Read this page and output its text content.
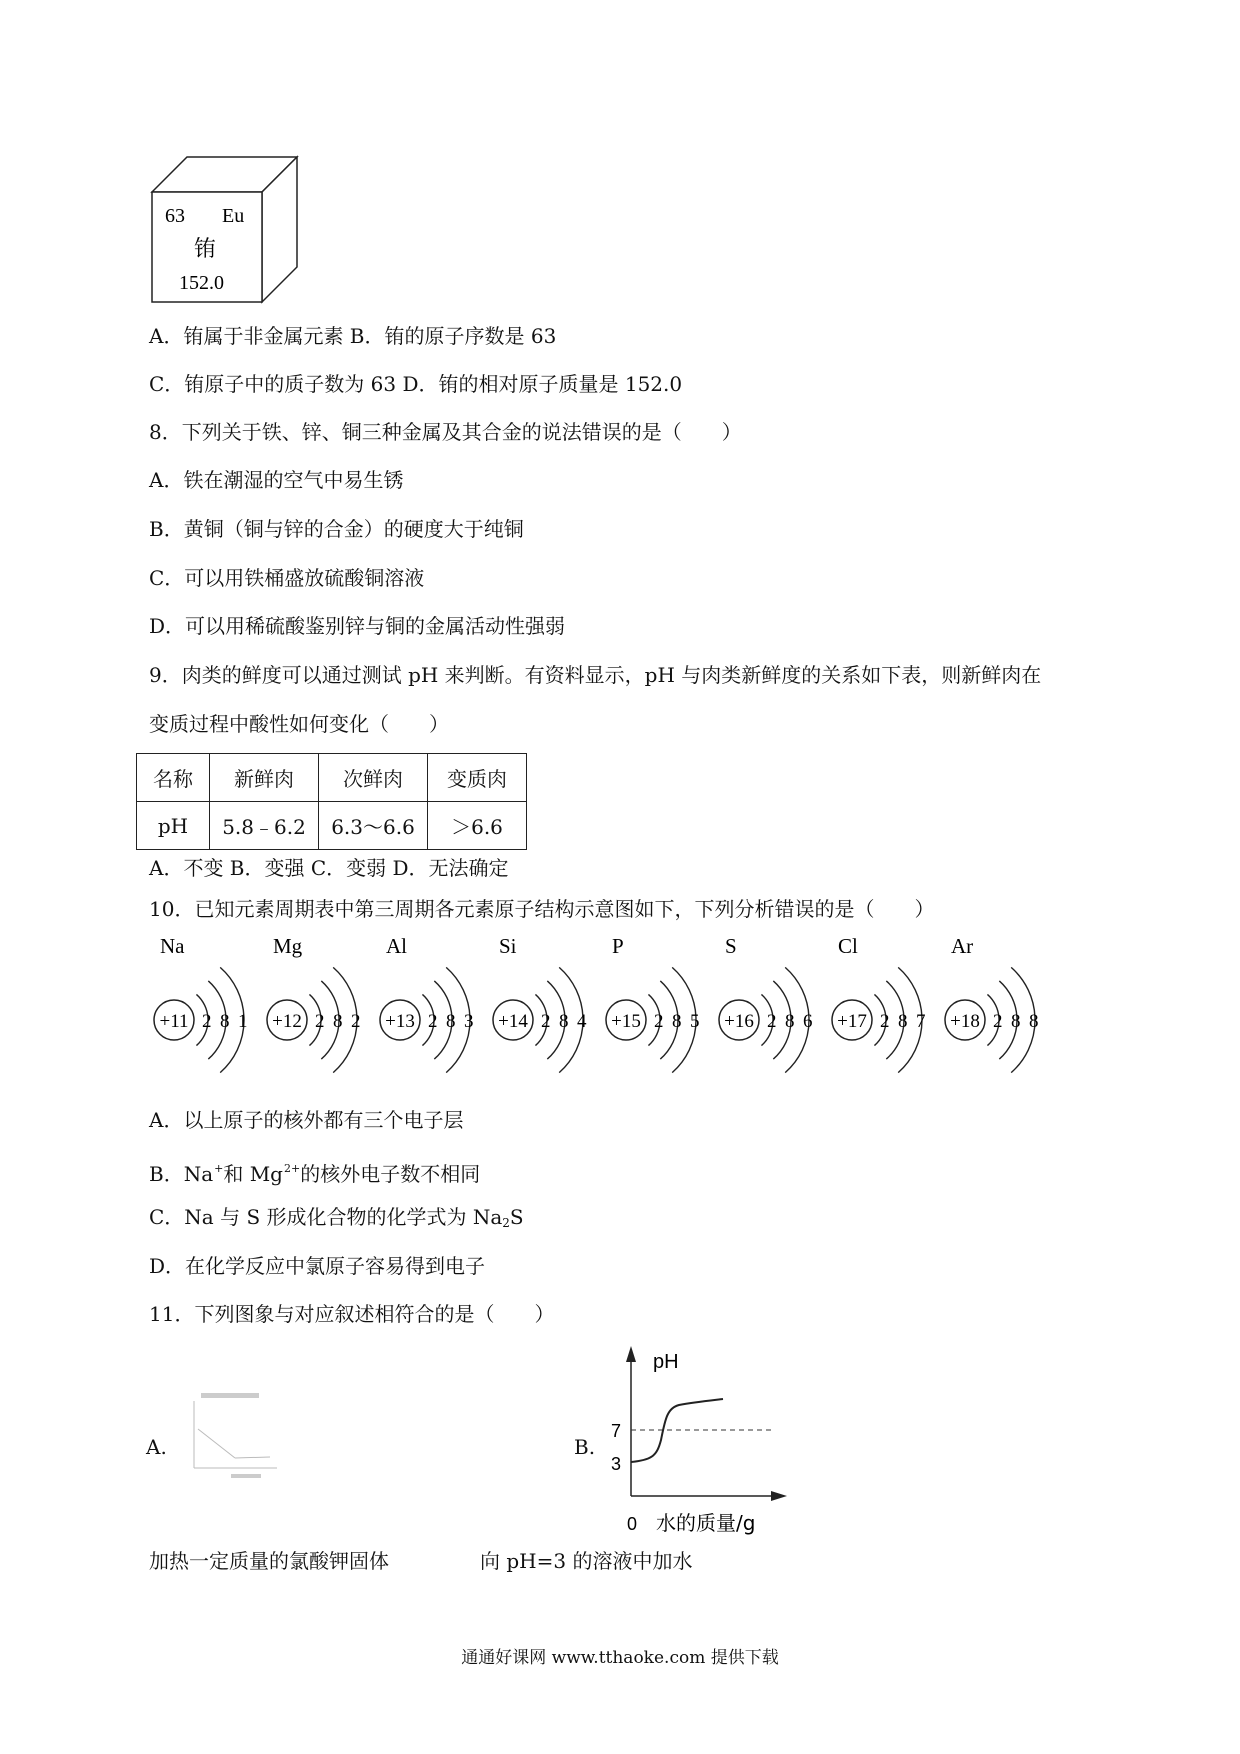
63 Eu
铕
152.0
A．铕属于非金属元素 B．铕的原子序数是 63
C．铕原子中的质子数为 63 D．铕的相对原子质量是 152.0
8．下列关于铁、锌、铜三种金属及其合金的说法错误的是（　　）
A．铁在潮湿的空气中易生锈
B．黄铜（铜与锌的合金）的硬度大于纯铜
C．可以用铁桶盛放硫酸铜溶液
D．可以用稀硫酸鉴别锌与铜的金属活动性强弱
9．肉类的鲜度可以通过测试 pH 来判断。有资料显示，pH 与肉类新鲜度的关系如下表，则新鲜肉在
变质过程中酸性如何变化（　　）
名称	新鲜肉	次鲜肉	变质肉
pH	5.8﹣6.2	6.3～6.6	＞6.6
A．不变 B．变强 C．变弱 D．无法确定
10．已知元素周期表中第三周期各元素原子结构示意图如下，下列分析错误的是（　　）
Na
+11 2 8 1
Mg
+12 2 8 2
Al
+13 2 8 3
Si
+14 2 8 4
P
+15 2 8 5
S
+16 2 8 6
Cl
+17 2 8 7
Ar
+18 2 8 8
A．以上原子的核外都有三个电子层
B．Na+和 $Mg^{2+}$的核外电子数不相同
C．Na 与 S 形成化合物的化学式为 $Na_2S$
D．在化学反应中氯原子容易得到电子
11．下列图象与对应叙述相符合的是（　　）
A.	B.
pH
7
3
0 水的质量/g
加热一定质量的氯酸钾固体	向 pH=3 的溶液中加水
通通好课网 www.tthaoke.com 提供下载
